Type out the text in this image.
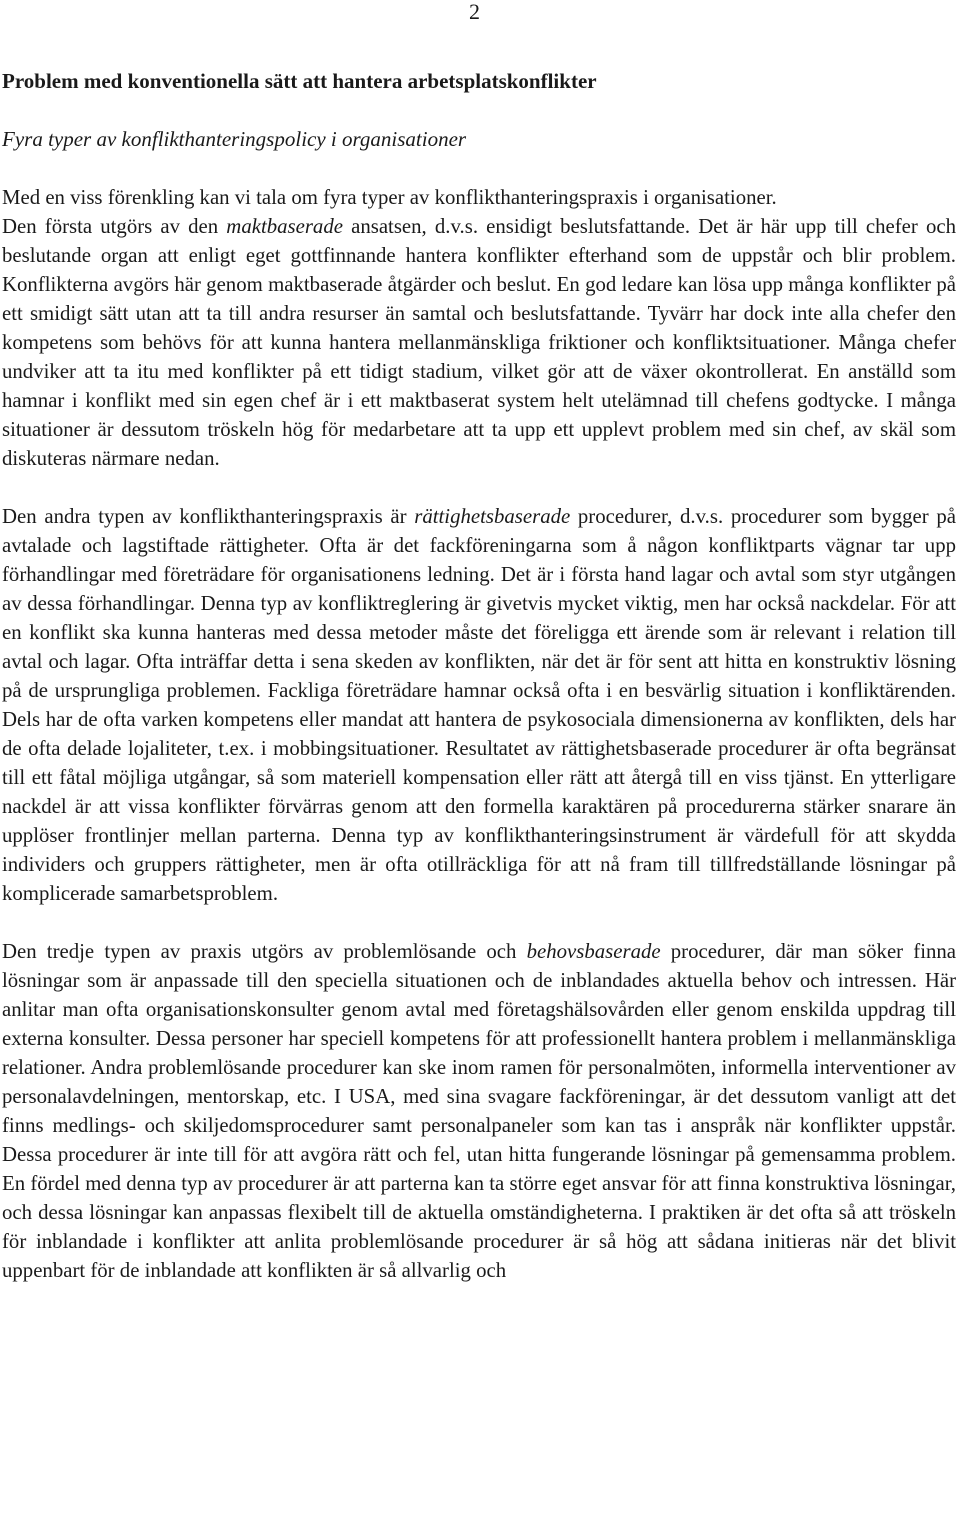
2
Problem med konventionella sätt att hantera arbetsplatskonflikter
Fyra typer av konflikthanteringspolicy i organisationer

Med en viss förenkling kan vi tala om fyra typer av konflikthanteringspraxis i organisationer.
Den första utgörs av den maktbaserade ansatsen, d.v.s. ensidigt beslutsfattande. Det är här upp till chefer och beslutande organ att enligt eget gottfinnande hantera konflikter efterhand som de uppstår och blir problem. Konflikterna avgörs här genom maktbaserade åtgärder och beslut. En god ledare kan lösa upp många konflikter på ett smidigt sätt utan att ta till andra resurser än samtal och beslutsfattande. Tyvärr har dock inte alla chefer den kompetens som behövs för att kunna hantera mellanmänskliga friktioner och konfliktsituationer. Många chefer undviker att ta itu med konflikter på ett tidigt stadium, vilket gör att de växer okontrollerat. En anställd som hamnar i konflikt med sin egen chef är i ett maktbaserat system helt utelämnad till chefens godtycke. I många situationer är dessutom tröskeln hög för medarbetare att ta upp ett upplevt problem med sin chef, av skäl som diskuteras närmare nedan.

Den andra typen av konflikthanteringspraxis är rättighetsbaserade procedurer, d.v.s. procedurer som bygger på avtalade och lagstiftade rättigheter. Ofta är det fackföreningarna som å någon konfliktparts vägnar tar upp förhandlingar med företrädare för organisationens ledning. Det är i första hand lagar och avtal som styr utgången av dessa förhandlingar. Denna typ av konfliktreglering är givetvis mycket viktig, men har också nackdelar. För att en konflikt ska kunna hanteras med dessa metoder måste det föreligga ett ärende som är relevant i relation till avtal och lagar. Ofta inträffar detta i sena skeden av konflikten, när det är för sent att hitta en konstruktiv lösning på de ursprungliga problemen. Fackliga företrädare hamnar också ofta i en besvärlig situation i konfliktärenden. Dels har de ofta varken kompetens eller mandat att hantera de psykosociala dimensionerna av konflikten, dels har de ofta delade lojaliteter, t.ex. i mobbingsituationer. Resultatet av rättighetsbaserade procedurer är ofta begränsat till ett fåtal möjliga utgångar, så som materiell kompensation eller rätt att återgå till en viss tjänst. En ytterligare nackdel är att vissa konflikter förvärras genom att den formella karaktären på procedurerna stärker snarare än upplöser frontlinjer mellan parterna. Denna typ av konflikthanteringsinstrument är värdefull för att skydda individers och gruppers rättigheter, men är ofta otillräckliga för att nå fram till tillfredställande lösningar på komplicerade samarbetsproblem.

Den tredje typen av praxis utgörs av problemlösande och behovsbaserade procedurer, där man söker finna lösningar som är anpassade till den speciella situationen och de inblandades aktuella behov och intressen. Här anlitar man ofta organisationskonsulter genom avtal med företagshälsovården eller genom enskilda uppdrag till externa konsulter. Dessa personer har speciell kompetens för att professionellt hantera problem i mellanmänskliga relationer. Andra problemlösande procedurer kan ske inom ramen för personalmöten, informella interventioner av personalavdelningen, mentorskap, etc. I USA, med sina svagare fackföreningar, är det dessutom vanligt att det finns medlings- och skiljedomsprocedurer samt personalpaneler som kan tas i anspråk när konflikter uppstår. Dessa procedurer är inte till för att avgöra rätt och fel, utan hitta fungerande lösningar på gemensamma problem. En fördel med denna typ av procedurer är att parterna kan ta större eget ansvar för att finna konstruktiva lösningar, och dessa lösningar kan anpassas flexibelt till de aktuella omständigheterna. I praktiken är det ofta så att tröskeln för inblandade i konflikter att anlita problemlösande procedurer är så hög att sådana initieras när det blivit uppenbart för de inblandade att konflikten är så allvarlig och
